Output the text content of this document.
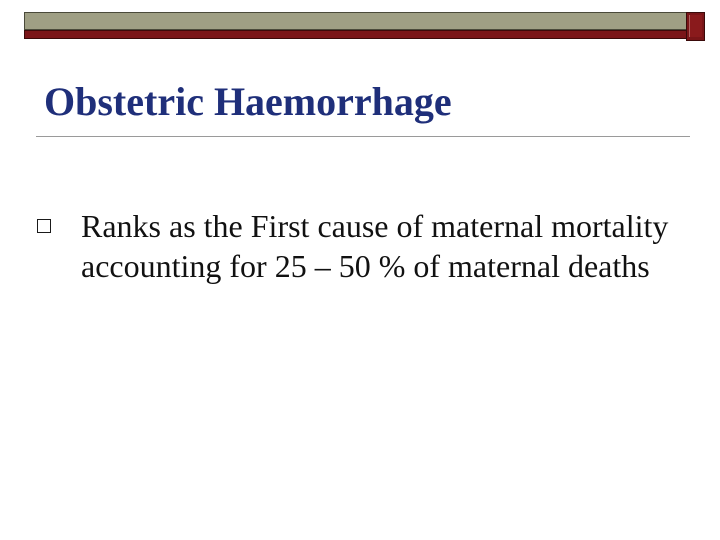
Obstetric Haemorrhage
Ranks as the First cause of maternal mortality accounting for 25 – 50 % of maternal deaths
